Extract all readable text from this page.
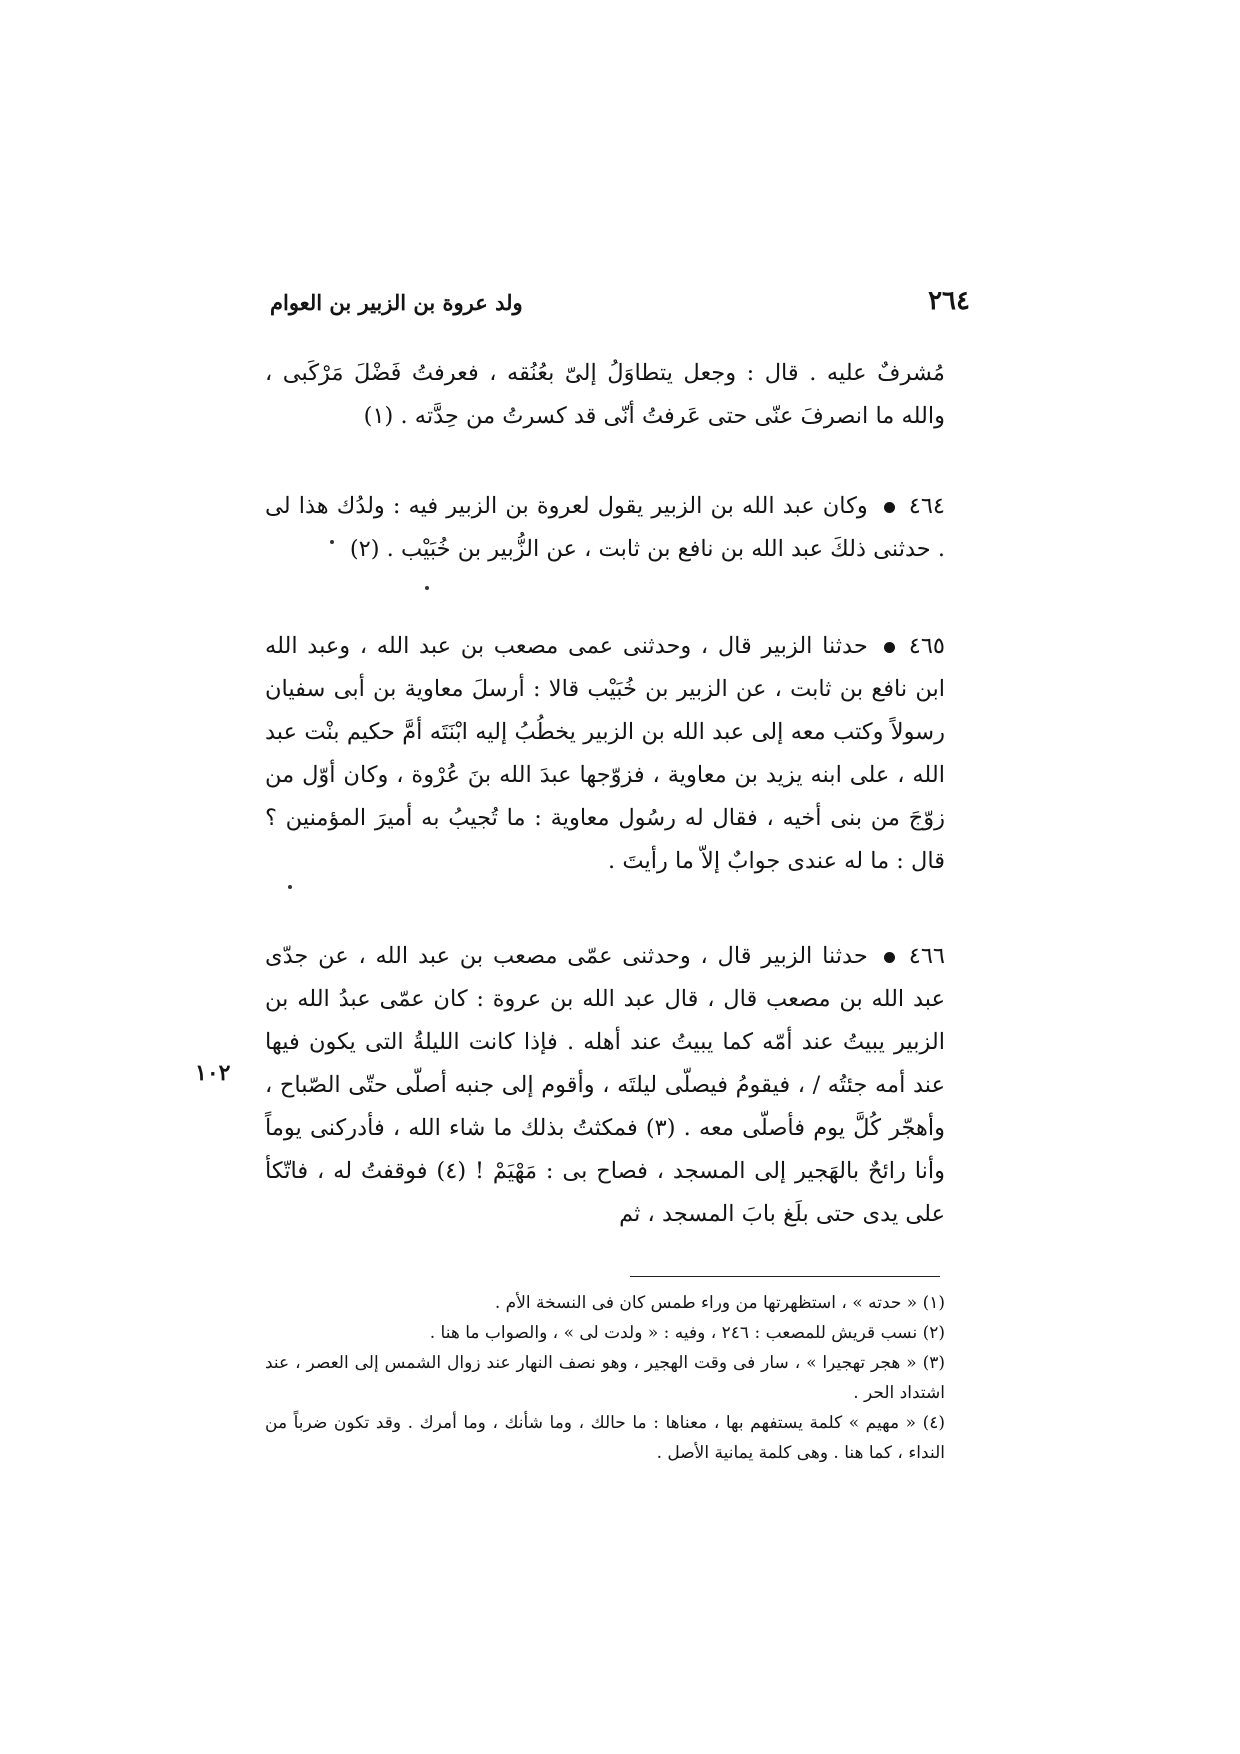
٢٦٤
ولد عروة بن الزبير بن العوام
مُشرفٌ عليه . قال : وجعل يتطاوَلُ إلىّ بعُنُقه ، فعرفتُ فَضْلَ مَرْكَبى ، والله ما انصرفَ عنّى حتى عَرفتُ أنّى قد كسرتُ من حِدَّته . (١)
٤٦٤وكان عبد الله بن الزبير يقول لعروة بن الزبير فيه : ولدُك هذا لى . حدثنى ذلكَ عبد الله بن نافع بن ثابت ، عن الزُّبير بن خُبَيْب . (٢)
٤٦٥حدثنا الزبير قال ، وحدثنى عمى مصعب بن عبد الله ، وعبد الله ابن نافع بن ثابت ، عن الزبير بن خُبَيْب قالا : أرسلَ معاوية بن أبى سفيان رسولاً وكتب معه إلى عبد الله بن الزبير يخطُبُ إليه ابْنَتَه أمَّ حكيم بنْت عبد الله ، على ابنه يزيد بن معاوية ، فزوّجها عبدَ الله بنَ عُرْوة ، وكان أوّل من زوّجَ من بنى أخيه ، فقال له رسُول معاوية : ما تُجيبُ به أميرَ المؤمنين ؟ قال : ما له عندى جوابٌ إلاّ ما رأيتَ .
٤٦٦حدثنا الزبير قال ، وحدثنى عمّى مصعب بن عبد الله ، عن جدّى عبد الله بن مصعب قال ، قال عبد الله بن عروة : كان عمّى عبدُ الله بن الزبير يبيتُ عند أمّه كما يبيتُ عند أهله . فإذا كانت الليلةُ التى يكون فيها عند أمه جئتُه / ، فيقومُ فيصلّى ليلتَه ، وأقوم إلى جنبه أصلّى حتّى الصّباح ، وأهجّر كُلَّ يوم فأصلّى معه . (٣) فمكثتُ بذلك ما شاء الله ، فأدركنى يوماً وأنا رائحٌ بالهَجير إلى المسجد ، فصاح بى : مَهْيَمْ ! (٤) فوقفتُ له ، فاتّكأ على يدى حتى بلَغ بابَ المسجد ، ثم
١٠٢

(١) « حدته » ، استظهرتها من وراء طمس كان فى النسخة الأم .

(٢) نسب قريش للمصعب : ٢٤٦ ، وفيه : « ولدت لى » ، والصواب ما هنا .

(٣) « هجر تهجيرا » ، سار فى وقت الهجير ، وهو نصف النهار عند زوال الشمس إلى العصر ، عند اشتداد الحر .

(٤) « مهيم » كلمة يستفهم بها ، معناها : ما حالك ، وما شأنك ، وما أمرك . وقد تكون ضرباً من النداء ، كما هنا . وهى كلمة يمانية الأصل .
